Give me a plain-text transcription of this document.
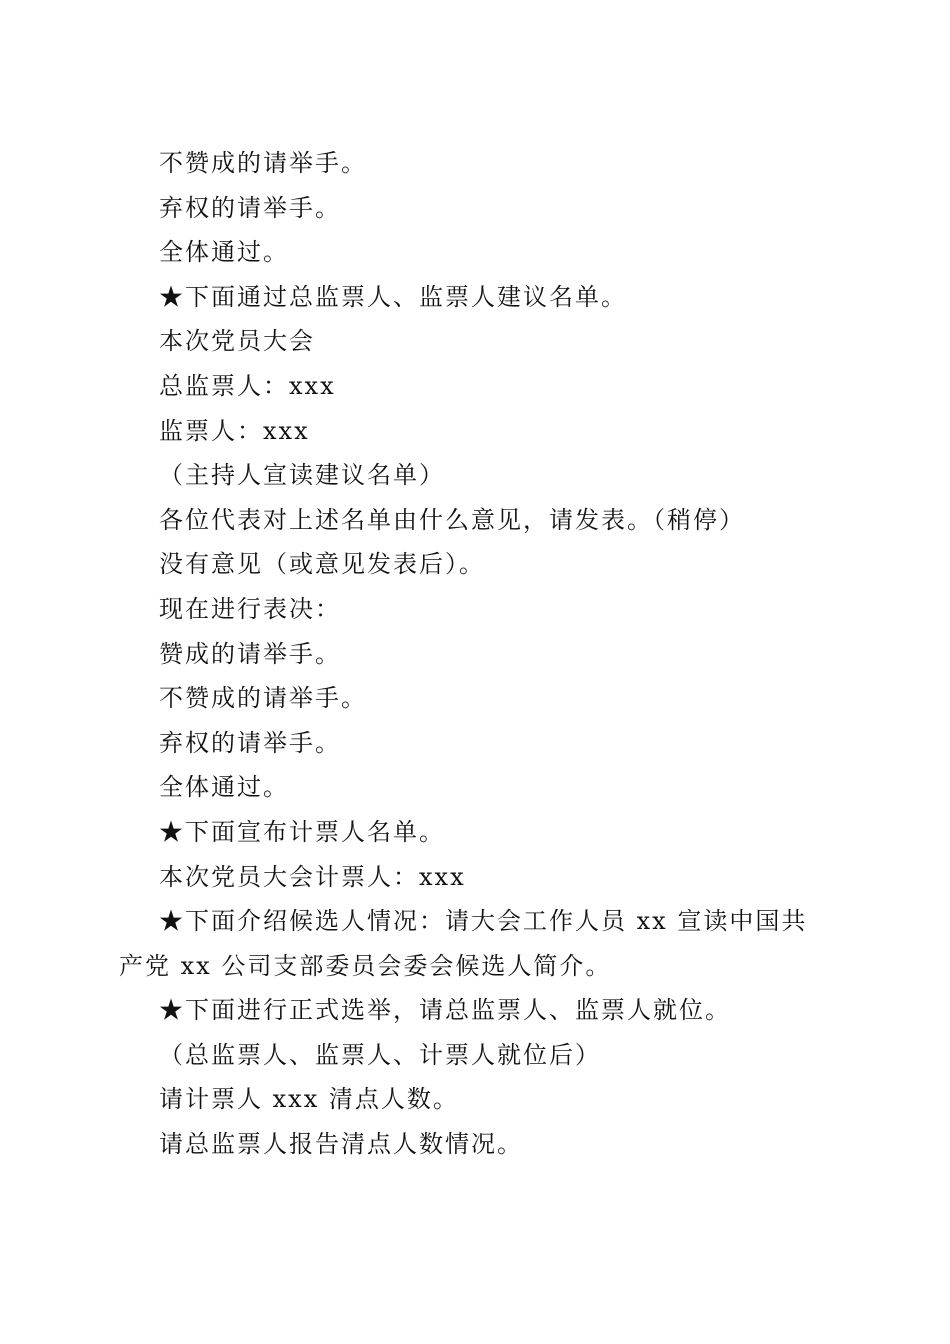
不赞成的请举手。

弃权的请举手。

全体通过。

★下面通过总监票人、监票人建议名单。

本次党员大会

总监票人：xxx

监票人：xxx

（主持人宣读建议名单）

各位代表对上述名单由什么意见，请发表。（稍停）

没有意见（或意见发表后）。

现在进行表决：

赞成的请举手。

不赞成的请举手。

弃权的请举手。

全体通过。

★下面宣布计票人名单。

本次党员大会计票人：xxx

★下面介绍候选人情况：请大会工作人员 xx 宣读中国共产党 xx 公司支部委员会委会候选人简介。

★下面进行正式选举，请总监票人、监票人就位。

（总监票人、监票人、计票人就位后）

请计票人 xxx 清点人数。

请总监票人报告清点人数情况。
